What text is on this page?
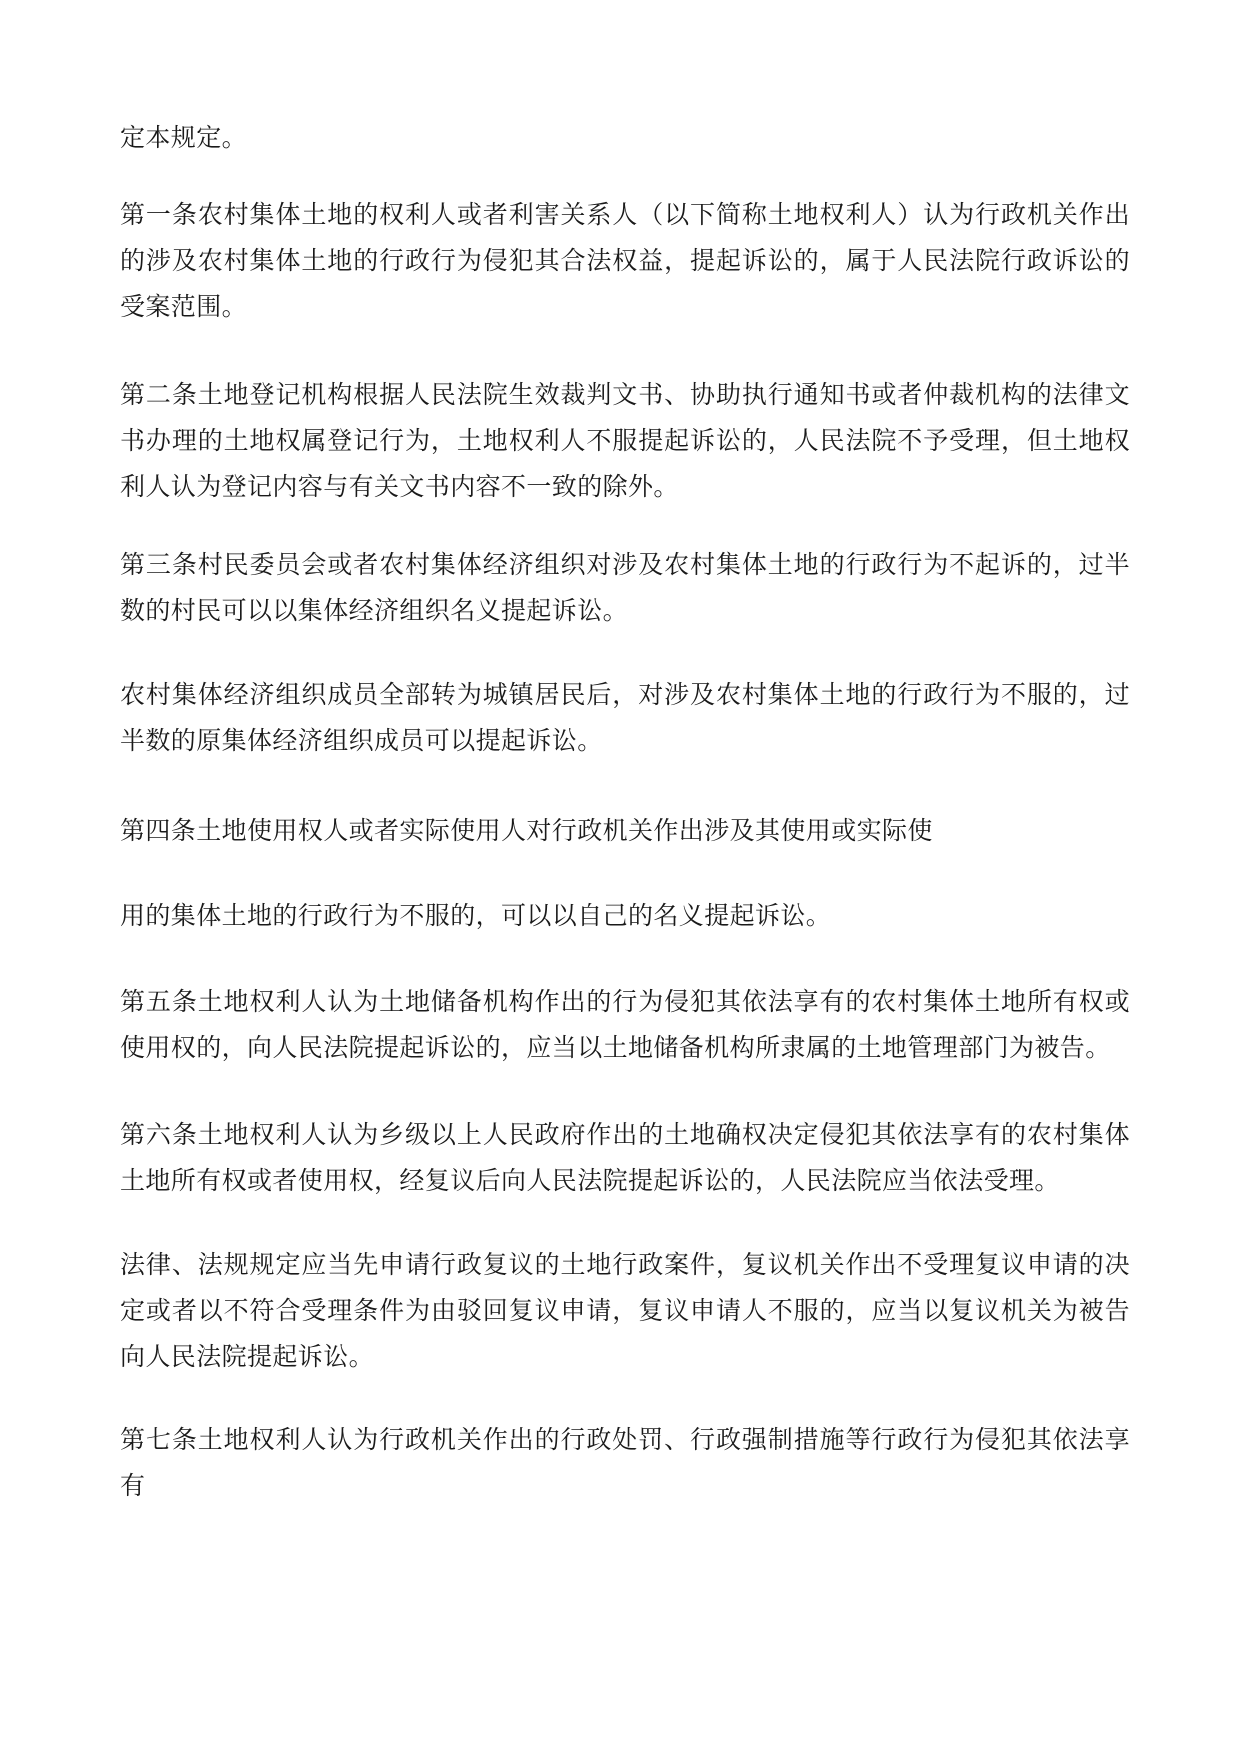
定本规定。

第一条农村集体土地的权利人或者利害关系人（以下简称土地权利人）认为行政机关作出的涉及农村集体土地的行政行为侵犯其合法权益，提起诉讼的，属于人民法院行政诉讼的受案范围。

第二条土地登记机构根据人民法院生效裁判文书、协助执行通知书或者仲裁机构的法律文书办理的土地权属登记行为，土地权利人不服提起诉讼的，人民法院不予受理，但土地权利人认为登记内容与有关文书内容不一致的除外。

第三条村民委员会或者农村集体经济组织对涉及农村集体土地的行政行为不起诉的，过半数的村民可以以集体经济组织名义提起诉讼。

农村集体经济组织成员全部转为城镇居民后，对涉及农村集体土地的行政行为不服的，过半数的原集体经济组织成员可以提起诉讼。

第四条土地使用权人或者实际使用人对行政机关作出涉及其使用或实际使

用的集体土地的行政行为不服的，可以以自己的名义提起诉讼。

第五条土地权利人认为土地储备机构作出的行为侵犯其依法享有的农村集体土地所有权或使用权的，向人民法院提起诉讼的，应当以土地储备机构所隶属的土地管理部门为被告。

第六条土地权利人认为乡级以上人民政府作出的土地确权决定侵犯其依法享有的农村集体土地所有权或者使用权，经复议后向人民法院提起诉讼的，人民法院应当依法受理。

法律、法规规定应当先申请行政复议的土地行政案件，复议机关作出不受理复议申请的决定或者以不符合受理条件为由驳回复议申请，复议申请人不服的，应当以复议机关为被告向人民法院提起诉讼。

第七条土地权利人认为行政机关作出的行政处罚、行政强制措施等行政行为侵犯其依法享有
